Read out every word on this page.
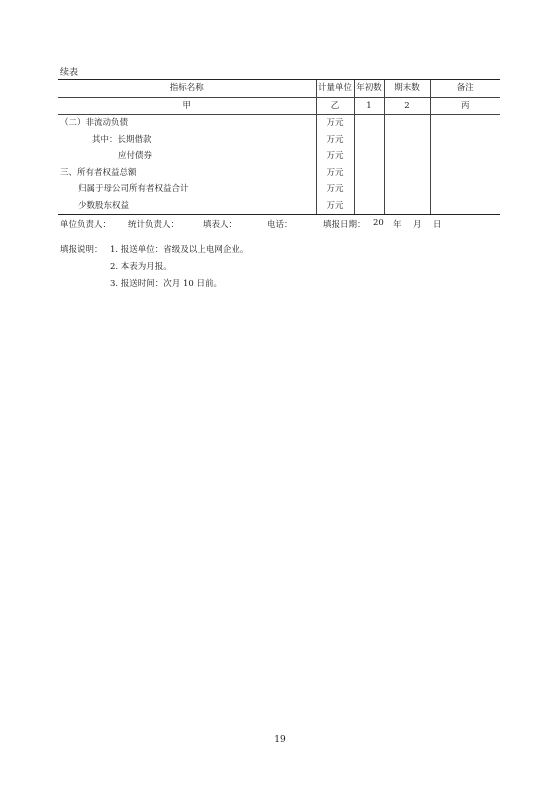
续表
指标名称	计量单位	年初数	期末数	备注
甲	乙	1	2	丙
（二）非流动负债	万元			
其中：长期借款	万元			
应付债券	万元			
三、所有者权益总额	万元			
归属于母公司所有者权益合计	万元			
少数股东权益	万元			
单位负责人： 统计负责人：	填表人：	电话：	填报日期： 20 年 月 日
填报说明： 1. 报送单位：省级及以上电网企业。
2. 本表为月报。
3. 报送时间：次月 10 日前。
19
